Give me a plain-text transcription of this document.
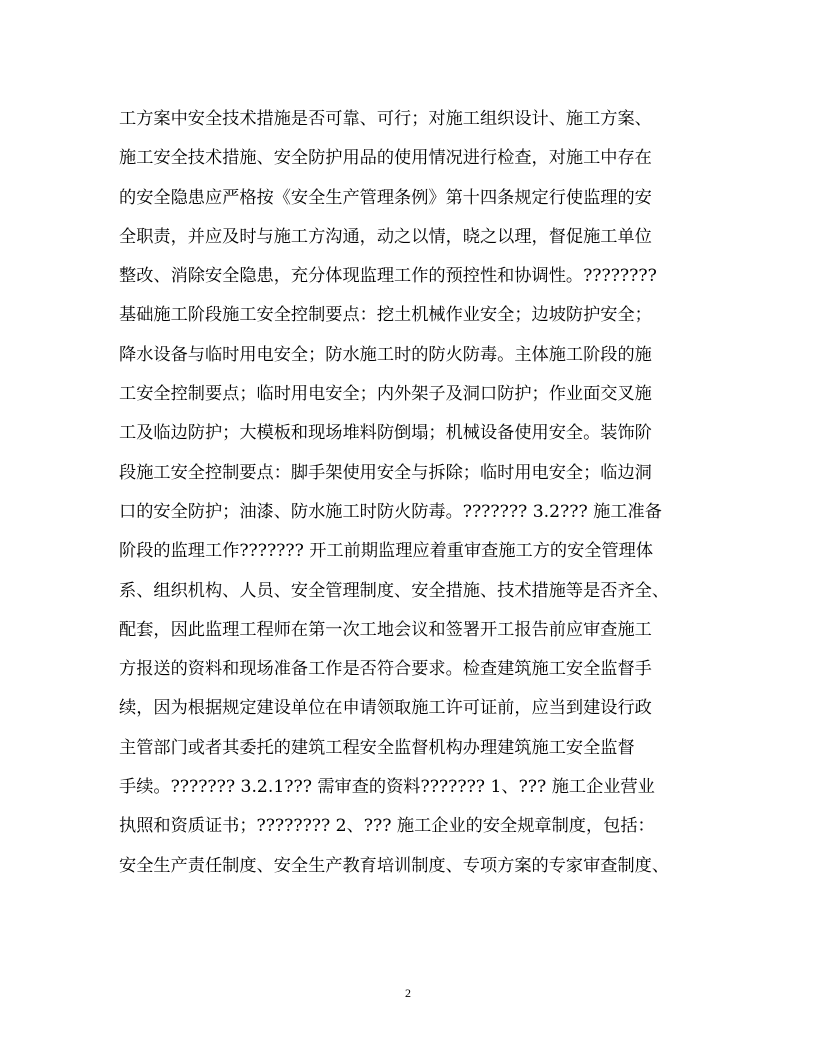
工方案中安全技术措施是否可靠、可行；对施工组织设计、施工方案、
施工安全技术措施、安全防护用品的使用情况进行检查，对施工中存在
的安全隐患应严格按《安全生产管理条例》第十四条规定行使监理的安
全职责，并应及时与施工方沟通，动之以情，晓之以理，督促施工单位
整改、消除安全隐患，充分体现监理工作的预控性和协调性。????????
基础施工阶段施工安全控制要点：挖土机械作业安全；边坡防护安全；
降水设备与临时用电安全；防水施工时的防火防毒。主体施工阶段的施
工安全控制要点；临时用电安全；内外架子及洞口防护；作业面交叉施
工及临边防护；大模板和现场堆料防倒塌；机械设备使用安全。装饰阶
段施工安全控制要点：脚手架使用安全与拆除；临时用电安全；临边洞
口的安全防护；油漆、防水施工时防火防毒。??????? 3.2??? 施工准备
阶段的监理工作??????? 开工前期监理应着重审查施工方的安全管理体
系、组织机构、人员、安全管理制度、安全措施、技术措施等是否齐全、
配套，因此监理工程师在第一次工地会议和签署开工报告前应审查施工
方报送的资料和现场准备工作是否符合要求。检查建筑施工安全监督手
续，因为根据规定建设单位在申请领取施工许可证前，应当到建设行政
主管部门或者其委托的建筑工程安全监督机构办理建筑施工安全监督
手续。??????? 3.2.1??? 需审查的资料??????? 1、??? 施工企业营业
执照和资质证书；???????? 2、??? 施工企业的安全规章制度，包括：
安全生产责任制度、安全生产教育培训制度、专项方案的专家审查制度、
2
